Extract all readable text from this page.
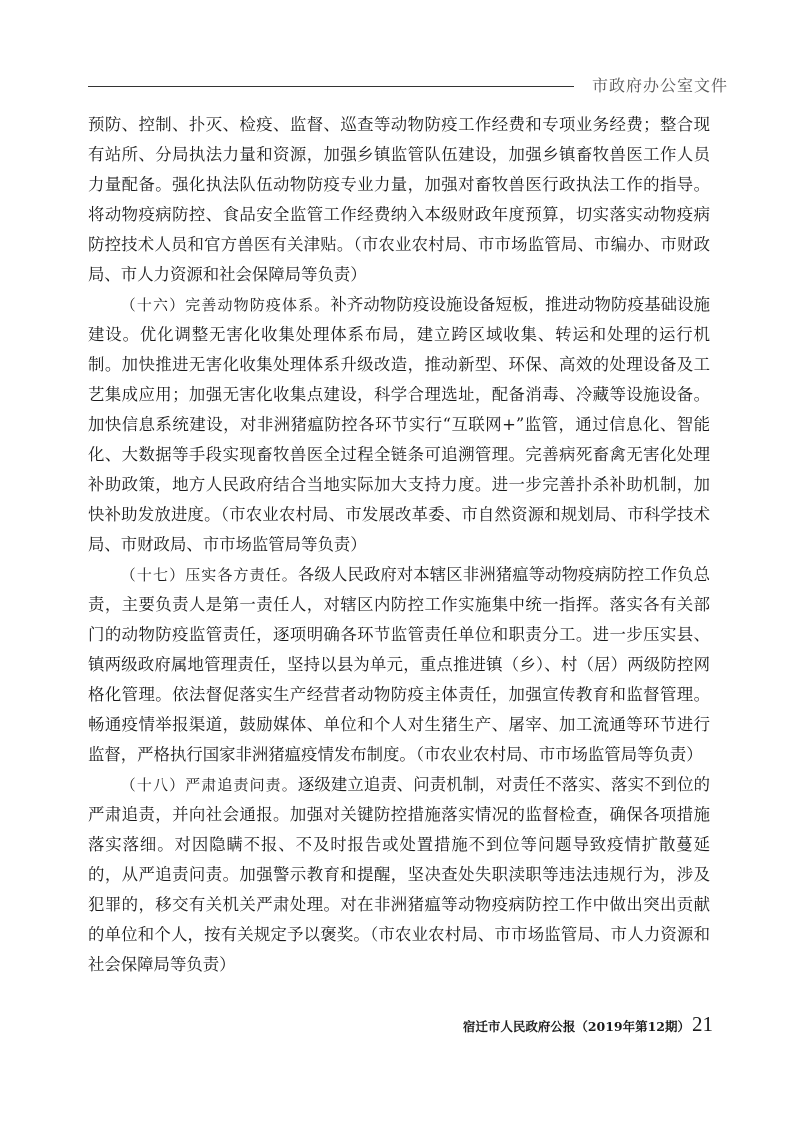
市政府办公室文件

预防、控制、扑灭、检疫、监督、巡查等动物防疫工作经费和专项业务经费；整合现有站所、分局执法力量和资源，加强乡镇监管队伍建设，加强乡镇畜牧兽医工作人员力量配备。强化执法队伍动物防疫专业力量，加强对畜牧兽医行政执法工作的指导。将动物疫病防控、食品安全监管工作经费纳入本级财政年度预算，切实落实动物疫病防控技术人员和官方兽医有关津贴。（市农业农村局、市市场监管局、市编办、市财政局、市人力资源和社会保障局等负责）

（十六）完善动物防疫体系。补齐动物防疫设施设备短板，推进动物防疫基础设施建设。优化调整无害化收集处理体系布局，建立跨区域收集、转运和处理的运行机制。加快推进无害化收集处理体系升级改造，推动新型、环保、高效的处理设备及工艺集成应用；加强无害化收集点建设，科学合理选址，配备消毒、冷藏等设施设备。加快信息系统建设，对非洲猪瘟防控各环节实行“互联网+”监管，通过信息化、智能化、大数据等手段实现畜牧兽医全过程全链条可追溯管理。完善病死畜禽无害化处理补助政策，地方人民政府结合当地实际加大支持力度。进一步完善扑杀补助机制，加快补助发放进度。（市农业农村局、市发展改革委、市自然资源和规划局、市科学技术局、市财政局、市市场监管局等负责）

（十七）压实各方责任。各级人民政府对本辖区非洲猪瘟等动物疫病防控工作负总责，主要负责人是第一责任人，对辖区内防控工作实施集中统一指挥。落实各有关部门的动物防疫监管责任，逐项明确各环节监管责任单位和职责分工。进一步压实县、镇两级政府属地管理责任，坚持以县为单元，重点推进镇（乡）、村（居）两级防控网格化管理。依法督促落实生产经营者动物防疫主体责任，加强宣传教育和监督管理。畅通疫情举报渠道，鼓励媒体、单位和个人对生猪生产、屠宰、加工流通等环节进行监督，严格执行国家非洲猪瘟疫情发布制度。（市农业农村局、市市场监管局等负责）

（十八）严肃追责问责。逐级建立追责、问责机制，对责任不落实、落实不到位的严肃追责，并向社会通报。加强对关键防控措施落实情况的监督检查，确保各项措施落实落细。对因隐瞒不报、不及时报告或处置措施不到位等问题导致疫情扩散蔓延的，从严追责问责。加强警示教育和提醒，坚决查处失职渎职等违法违规行为，涉及犯罪的，移交有关机关严肃处理。对在非洲猪瘟等动物疫病防控工作中做出突出贡献的单位和个人，按有关规定予以褒奖。（市农业农村局、市市场监管局、市人力资源和社会保障局等负责）

宿迁市人民政府公报（2019年第12期） 21
